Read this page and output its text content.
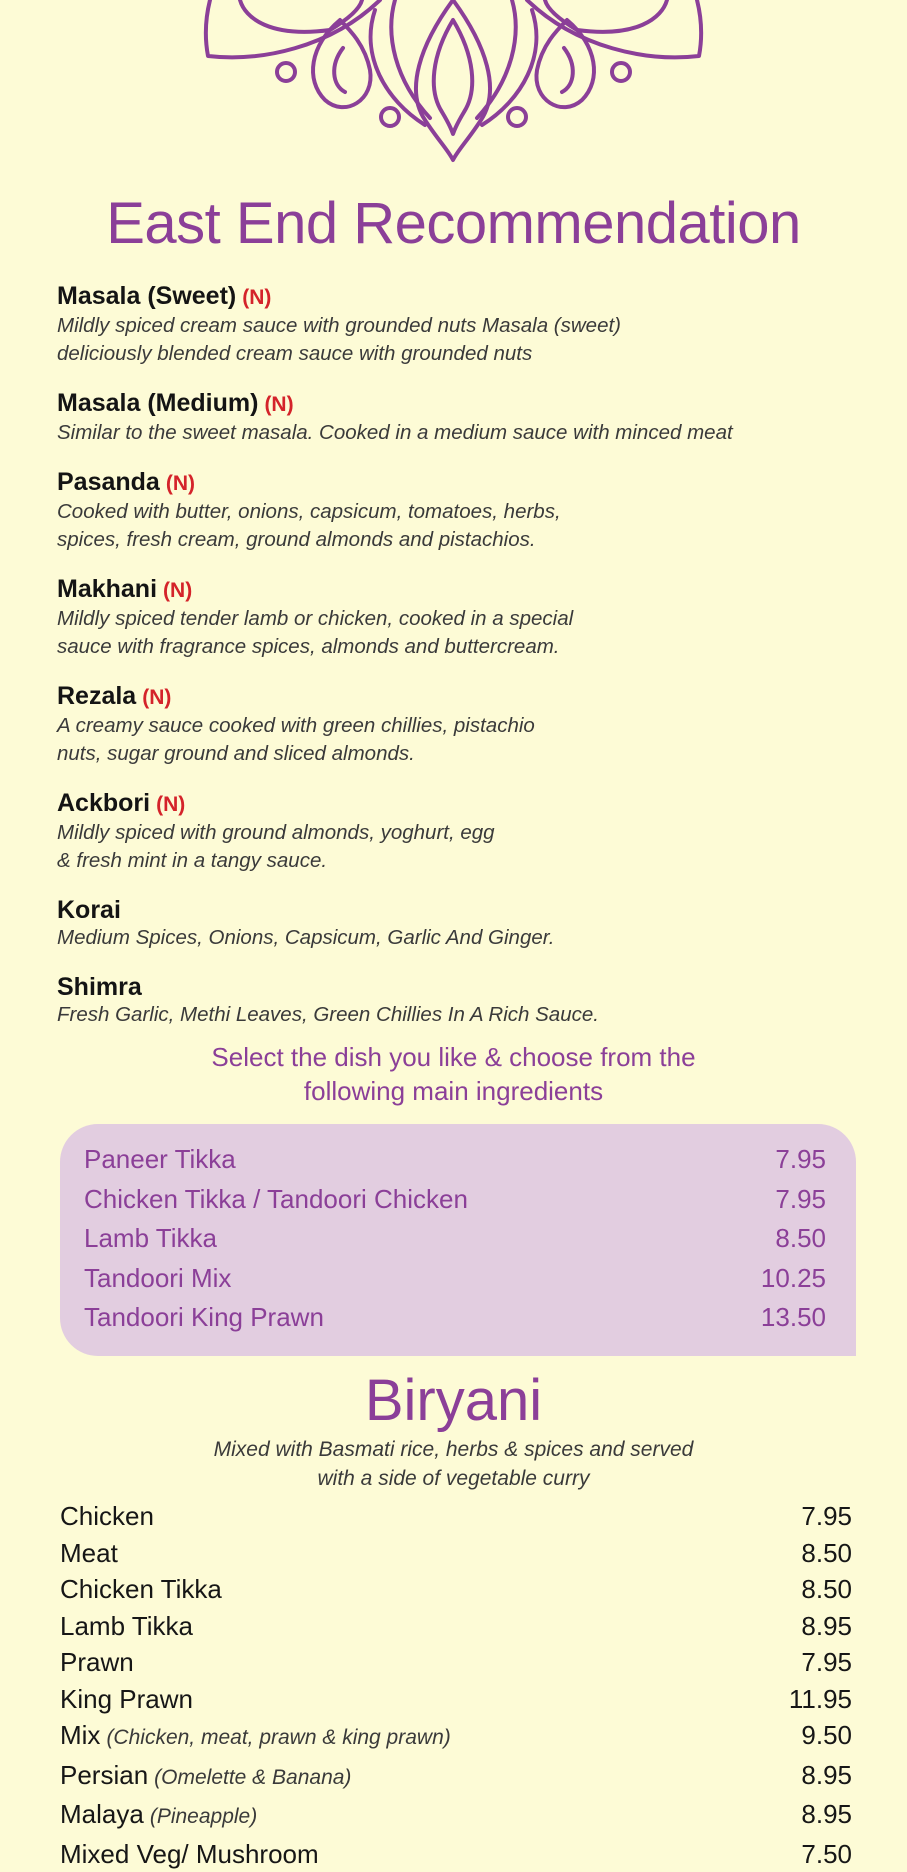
East End Recommendation
Masala (Sweet) (N)
Mildly spiced cream sauce with grounded nuts Masala (sweet)
deliciously blended cream sauce with grounded nuts
Masala (Medium) (N)
Similar to the sweet masala. Cooked in a medium sauce with minced meat
Pasanda (N)
Cooked with butter, onions, capsicum, tomatoes, herbs,
spices, fresh cream, ground almonds and pistachios.
Makhani (N)
Mildly spiced tender lamb or chicken, cooked in a special
sauce with fragrance spices, almonds and buttercream.
Rezala (N)
A creamy sauce cooked with green chillies, pistachio
nuts, sugar ground and sliced almonds.
Ackbori (N)
Mildly spiced with ground almonds, yoghurt, egg
& fresh mint in a tangy sauce.
Korai
Medium Spices, Onions, Capsicum, Garlic And Ginger.
Shimra
Fresh Garlic, Methi Leaves, Green Chillies In A Rich Sauce.
Select the dish you like & choose from the
following main ingredients
Paneer Tikka	7.95
Chicken Tikka / Tandoori Chicken	7.95
Lamb Tikka	8.50
Tandoori Mix	10.25
Tandoori King Prawn	13.50
Biryani
Mixed with Basmati rice, herbs & spices and served
with a side of vegetable curry
Chicken	7.95
Meat	8.50
Chicken Tikka	8.50
Lamb Tikka	8.95
Prawn	7.95
King Prawn	11.95
Mix (Chicken, meat, prawn & king prawn)	9.50
Persian (Omelette & Banana)	8.95
Malaya (Pineapple)	8.95
Mixed Veg/ Mushroom	7.50
